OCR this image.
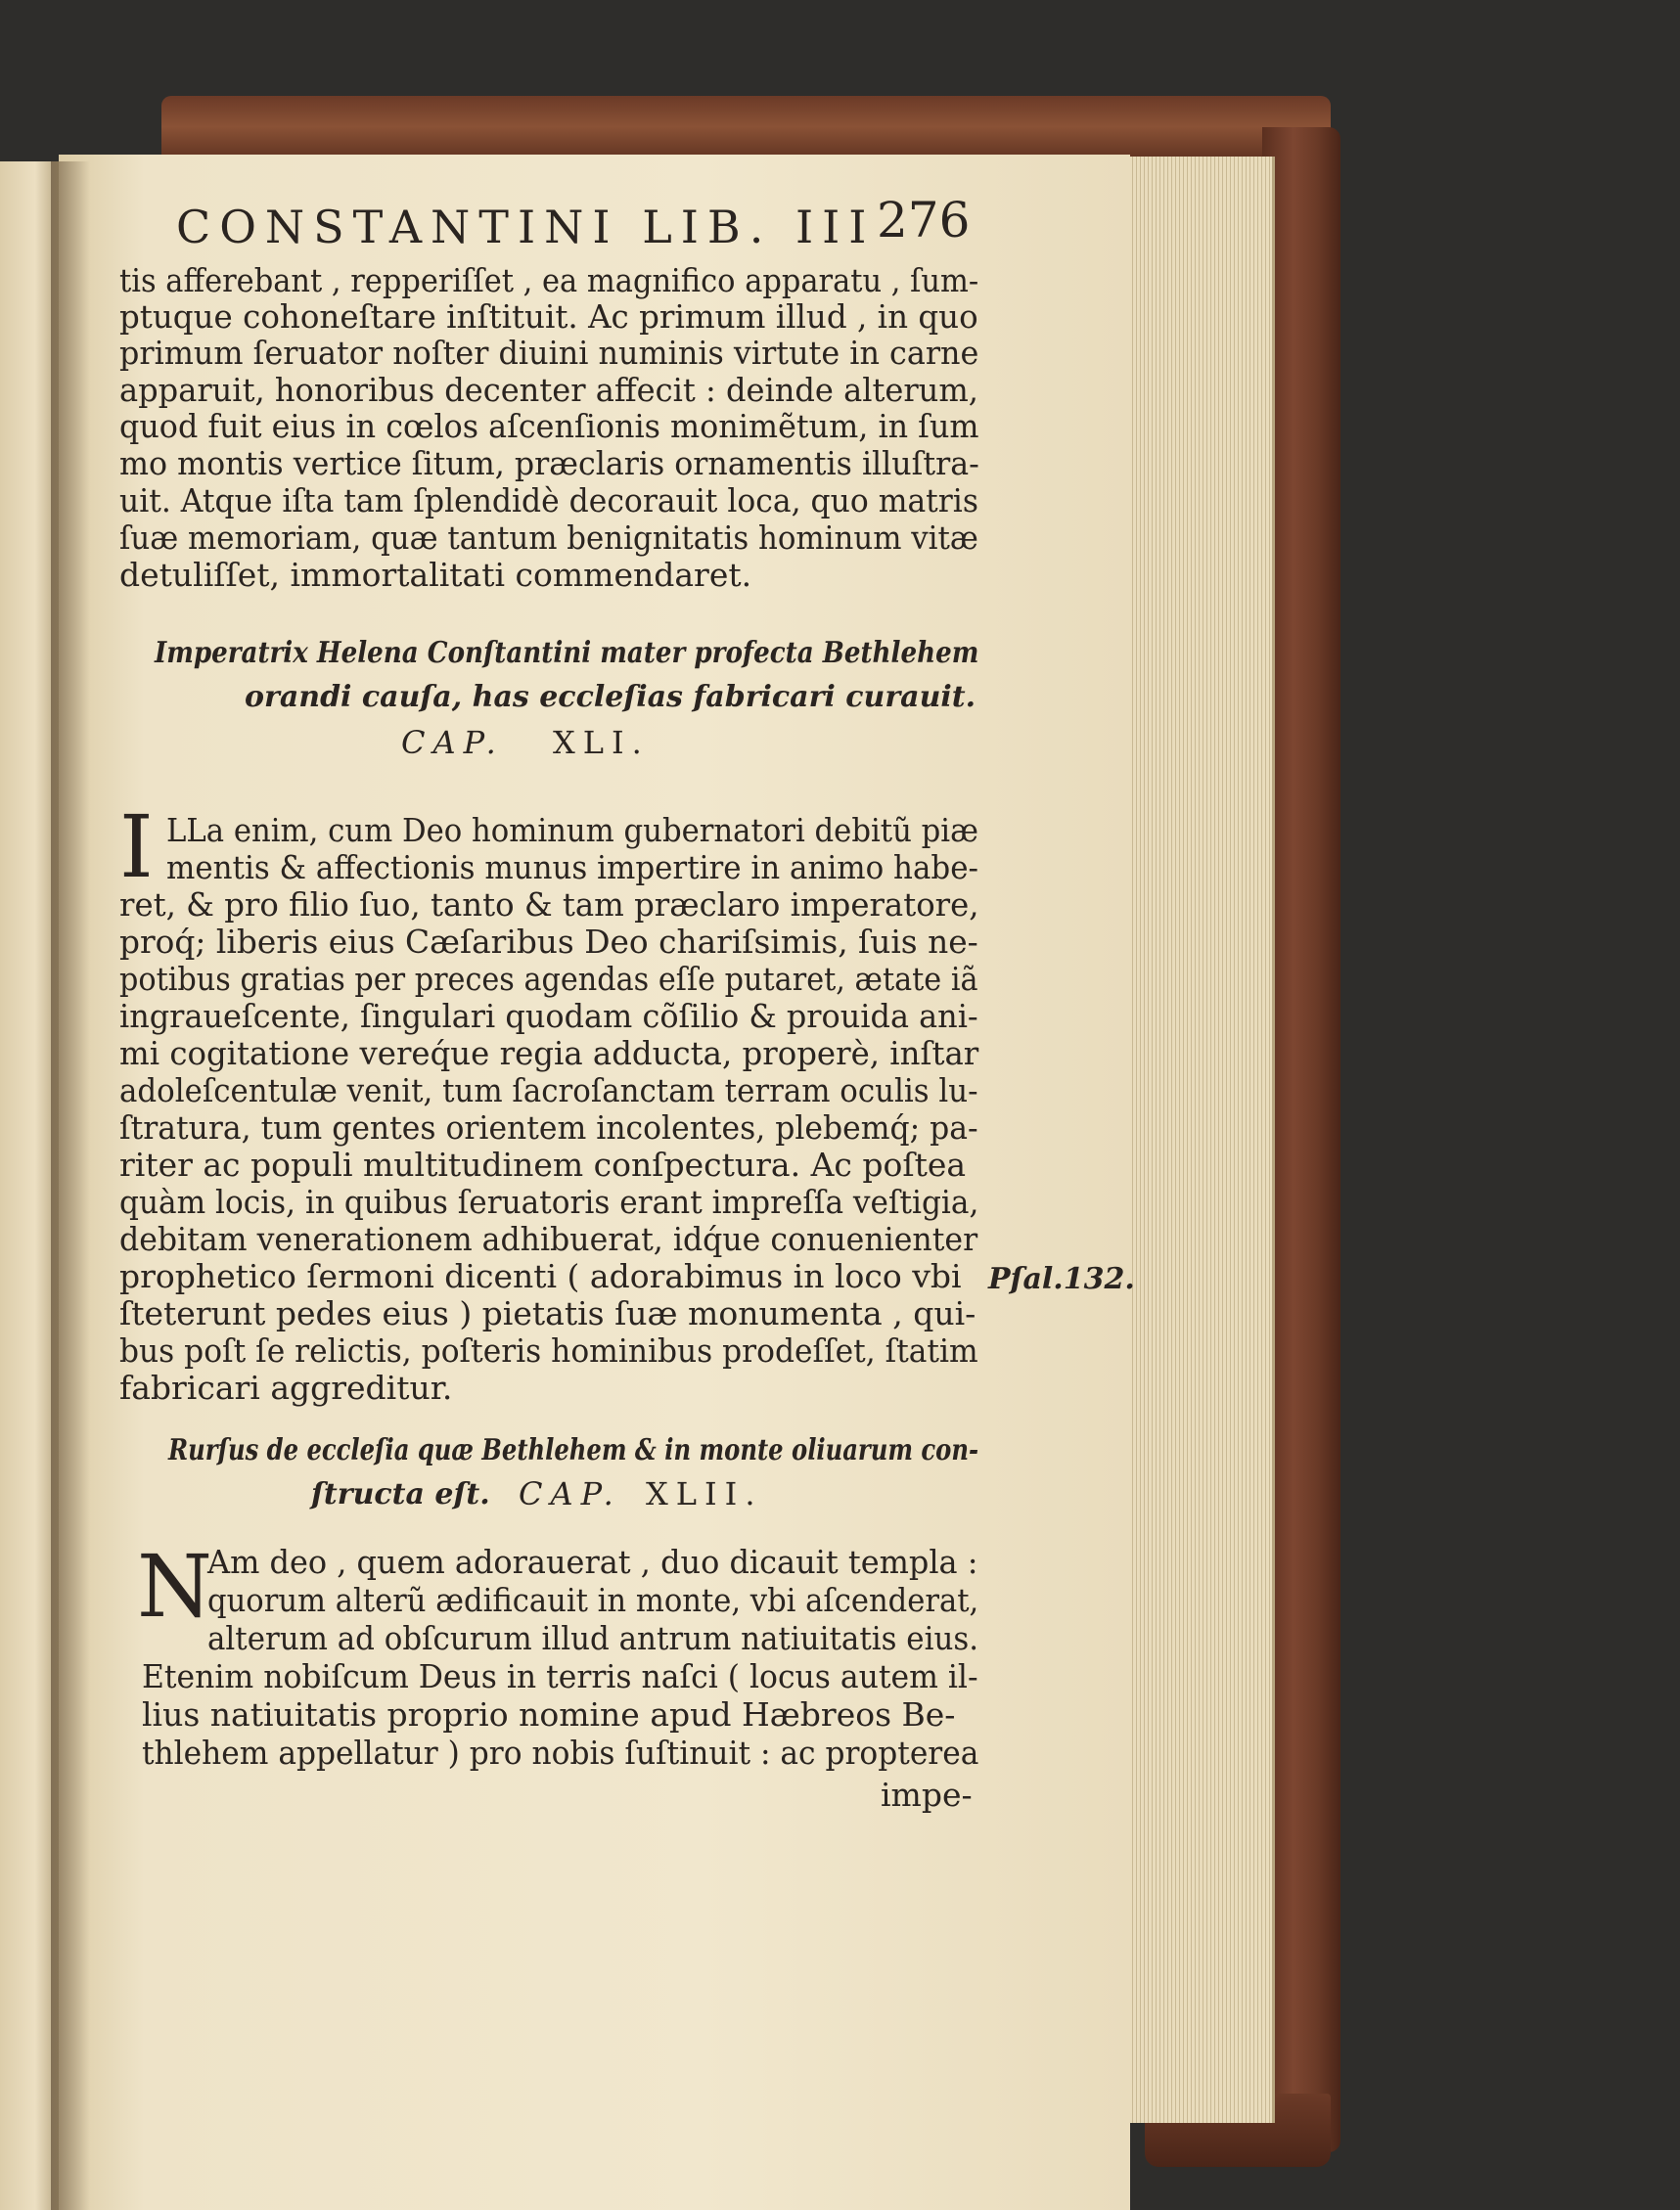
CONSTANTINI LIB. III 276
tis afferebant , repperiſſet , ea magnifico apparatu , ſum-
ptuque cohoneſtare inſtituit. Ac primum illud , in quo
primum ſeruator noſter diuini numinis virtute in carne
apparuit, honoribus decenter affecit : deinde alterum,
quod fuit eius in cœlos aſcenſionis monimẽtum, in ſum
mo montis vertice ſitum, præclaris ornamentis illuſtra-
uit. Atque iſta tam ſplendidè decorauit loca, quo matris
ſuæ memoriam, quæ tantum benignitatis hominum vitæ
detuliſſet, immortalitati commendaret.
Imperatrix Helena Conſtantini mater profecta Bethlehem
orandi cauſa, has eccleſias fabricari curauit.
CAP. XLI.
I LLa enim, cum Deo hominum gubernatori debitũ piæ
mentis & affectionis munus impertire in animo habe-
ret, & pro filio ſuo, tanto & tam præclaro imperatore,
proq́; liberis eius Cæſaribus Deo chariſsimis, ſuis ne-
potibus gratias per preces agendas eſſe putaret, ætate iã
ingraueſcente, ſingulari quodam cõſilio & prouida ani-
mi cogitatione vereq́ue regia adducta, properè, inſtar
adoleſcentulæ venit, tum ſacroſanctam terram oculis lu-
ſtratura, tum gentes orientem incolentes, plebemq́; pa-
riter ac populi multitudinem conſpectura. Ac poſtea
quàm locis, in quibus ſeruatoris erant impreſſa veſtigia,
debitam venerationem adhibuerat, idq́ue conuenienter
prophetico ſermoni dicenti ( adorabimus in loco vbi
ſteterunt pedes eius ) pietatis ſuæ monumenta , qui-
bus poſt ſe relictis, poſteris hominibus prodeſſet, ſtatim
fabricari aggreditur.
Pſal.132.
Rurſus de eccleſia quæ Bethlehem & in monte oliuarum con-
ſtructa eſt. CAP. XLII.
N
Am deo , quem adorauerat , duo dicauit templa :
quorum alterũ ædificauit in monte, vbi aſcenderat,
alterum ad obſcurum illud antrum natiuitatis eius.
Etenim nobiſcum Deus in terris naſci ( locus autem il-
lius natiuitatis proprio nomine apud Hæbreos Be-
thlehem appellatur ) pro nobis ſuſtinuit : ac propterea
impe-
